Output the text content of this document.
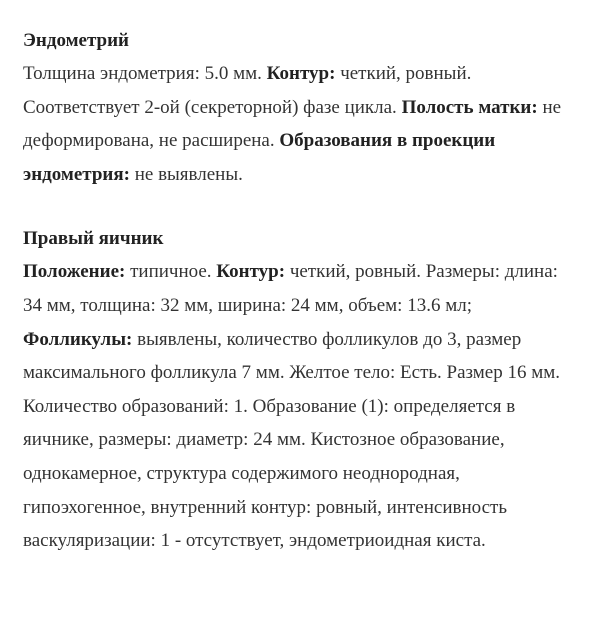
Эндометрий

Толщина эндометрия: 5.0 мм. Контур: четкий, ровный. Соответствует 2-ой (секреторной) фазе цикла. Полость матки: не деформирована, не расширена. Образования в проекции эндометрия: не выявлены.

Правый яичник

Положение: типичное. Контур: четкий, ровный. Размеры: длина: 34 мм, толщина: 32 мм, ширина: 24 мм, объем: 13.6 мл; Фолликулы: выявлены, количество фолликулов до 3, размер максимального фолликула 7 мм. Желтое тело: Есть. Размер 16 мм. Количество образований: 1. Образование (1): определяется в яичнике, размеры: диаметр: 24 мм. Кистозное образование, однокамерное, структура содержимого неоднородная, гипоэхогенное, внутренний контур: ровный, интенсивность васкуляризации: 1 - отсутствует, эндометриоидная киста.
